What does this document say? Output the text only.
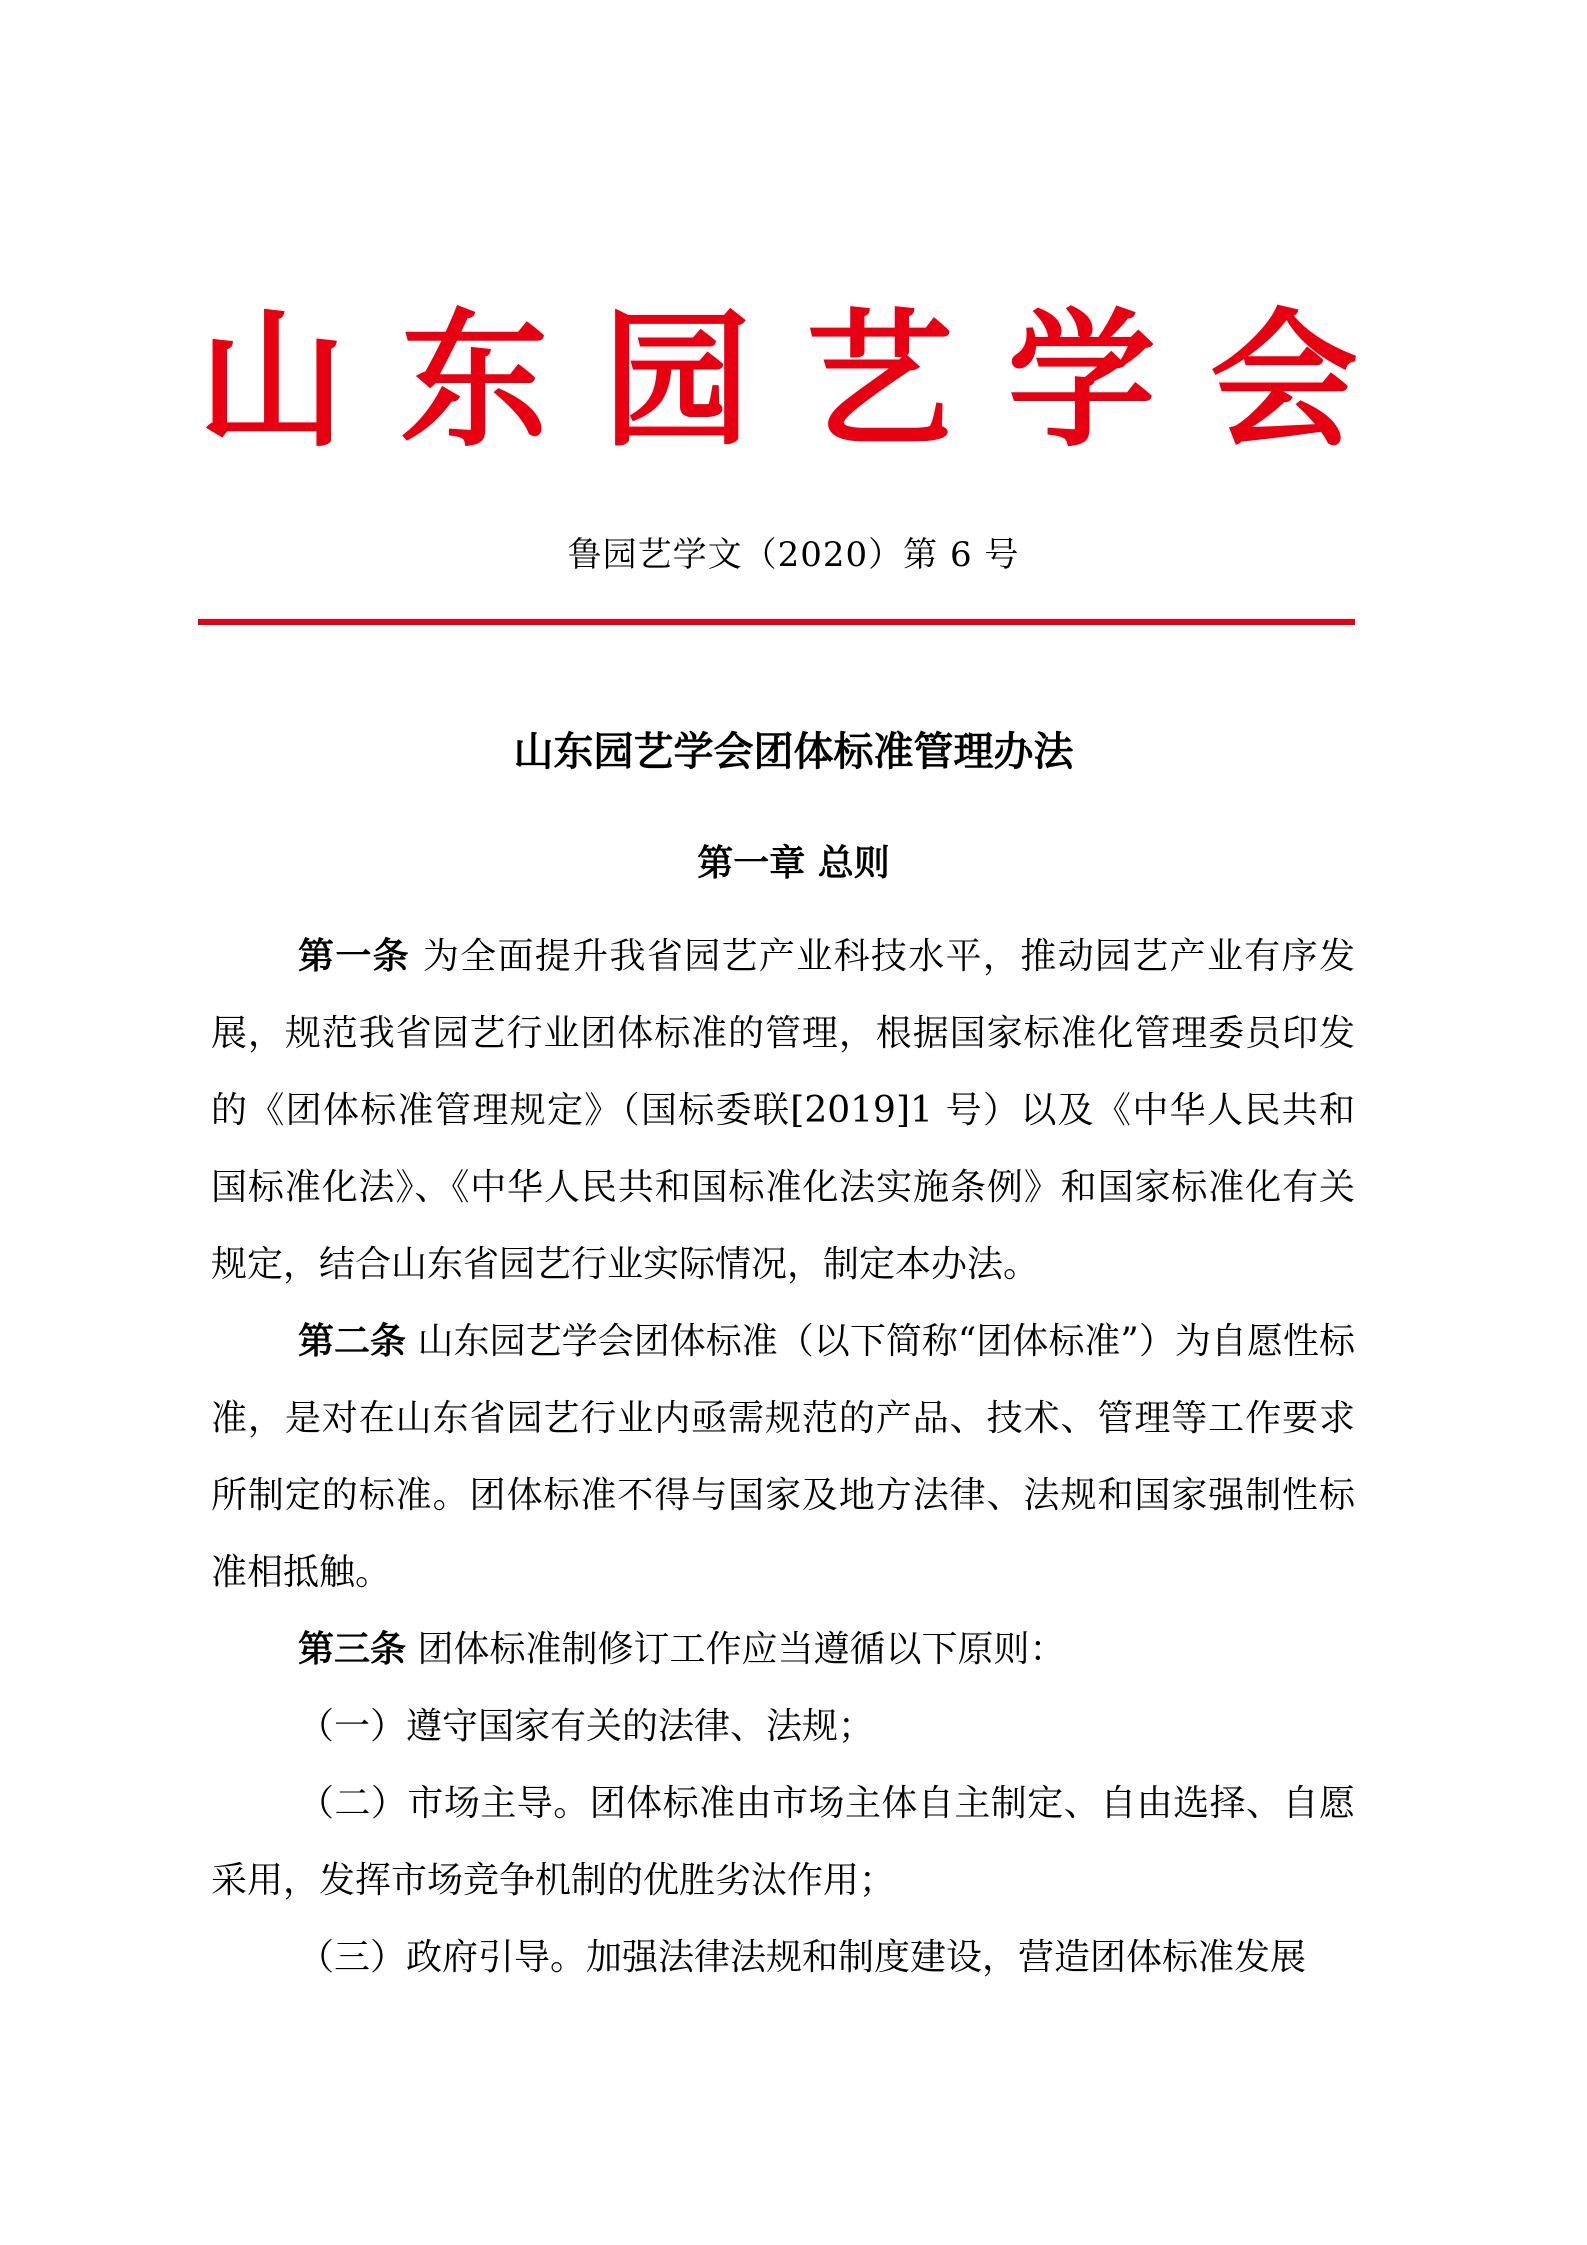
山 东 园 艺 学 会
鲁园艺学文（2020）第 6 号
山东园艺学会团体标准管理办法
第一章 总则

第一条 为全面提升我省园艺产业科技水平，推动园艺产业有序发展，规范我省园艺行业团体标准的管理，根据国家标准化管理委员印发的《团体标准管理规定》（国标委联[2019]1 号）以及《中华人民共和国标准化法》、《中华人民共和国标准化法实施条例》和国家标准化有关规定，结合山东省园艺行业实际情况，制定本办法。

第二条 山东园艺学会团体标准（以下简称“团体标准”）为自愿性标准，是对在山东省园艺行业内亟需规范的产品、技术、管理等工作要求所制定的标准。团体标准不得与国家及地方法律、法规和国家强制性标准相抵触。

第三条 团体标准制修订工作应当遵循以下原则：

（一）遵守国家有关的法律、法规；

（二）市场主导。团体标准由市场主体自主制定、自由选择、自愿采用，发挥市场竞争机制的优胜劣汰作用；

（三）政府引导。加强法律法规和制度建设，营造团体标准发展
